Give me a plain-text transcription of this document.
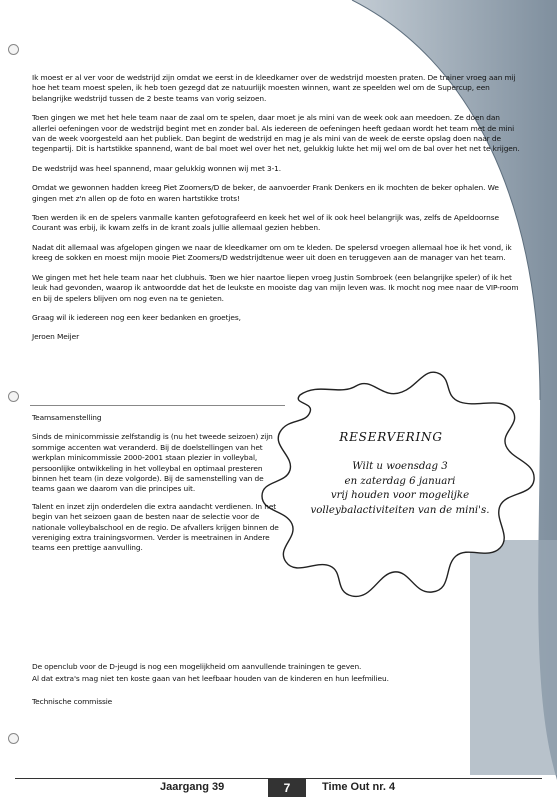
Ik moest er al ver voor de wedstrijd zijn omdat we eerst in de kleedkamer over de wedstrijd moesten praten. De trainer vroeg aan mij hoe het team moest spelen, ik heb toen gezegd dat ze natuurlijk moesten winnen, want ze speelden wel om de Supercup, een belangrijke wedstrijd tussen de 2 beste teams van vorig seizoen.

Toen gingen we met het hele team naar de zaal om te spelen, daar moet je als mini van de week ook aan meedoen. Ze doen dan allerlei oefeningen voor de wedstrijd begint met en zonder bal. Als iedereen de oefeningen heeft gedaan wordt het team met de mini van de week voorgesteld aan het publiek. Dan begint de wedstrijd en mag je als mini van de week de eerste opslag doen naar de tegenpartij. Dit is hartstikke spannend, want de bal moet wel over het net, gelukkig lukte het mij wel om de bal over het net te krijgen.

De wedstrijd was heel spannend, maar gelukkig wonnen wij met 3-1.

Omdat we gewonnen hadden kreeg Piet Zoomers/D de beker, de aanvoerder Frank Denkers en ik mochten de beker ophalen. We gingen met z'n allen op de foto en waren hartstikke trots!

Toen werden ik en de spelers vanmalle kanten gefotografeerd en keek het wel of ik ook heel belangrijk was, zelfs de Apeldoornse Courant was erbij, ik kwam zelfs in de krant zoals jullie allemaal gezien hebben.

Nadat dit allemaal was afgelopen gingen we naar de kleedkamer om om te kleden. De spelersd vroegen allemaal hoe ik het vond, ik kreeg de sokken en moest mijn mooie Piet Zoomers/D wedstrijdtenue weer uit doen en teruggeven aan de manager van het team.

We gingen met het hele team naar het clubhuis. Toen we hier naartoe liepen vroeg Justin Sombroek (een belangrijke speler) of ik het leuk had gevonden, waarop ik antwoordde dat het de leukste en mooiste dag van mijn leven was. Ik mocht nog mee naar de VIP-room en bij de spelers blijven om nog even na te genieten.

Graag wil ik iedereen nog een keer bedanken en groetjes,

Jeroen Meijer

Teamsamenstelling

Sinds de minicommissie zelfstandig is (nu het tweede seizoen) zijn sommige accenten wat veranderd. Bij de doelstellingen van het werkplan minicommissie 2000-2001 staan plezier in volleybal, persoonlijke ontwikkeling in het volleybal en optimaal presteren binnen het team (in deze volgorde). Bij de samenstelling van de teams gaan we daarom van die principes uit.

Talent en inzet zijn onderdelen die extra aandacht verdienen. In het begin van het seizoen gaan de besten naar de selectie voor de nationale volleybalschool en de regio. De afvallers krijgen binnen de vereniging extra trainingsvormen. Verder is meetrainen in Andere teams een prettige aanvulling.

De openclub voor de D-jeugd is nog een mogelijkheid om aanvullende trainingen te geven.
Al dat extra's mag niet ten koste gaan van het leefbaar houden van de kinderen en hun leefmilieu.
Technische commissie
RESERVERING
Wilt u woensdag 3
en zaterdag 6 januari
vrij houden voor mogelijke
volleybalactiviteiten van de mini's.
Jaargang 39	7	Time Out nr. 4
